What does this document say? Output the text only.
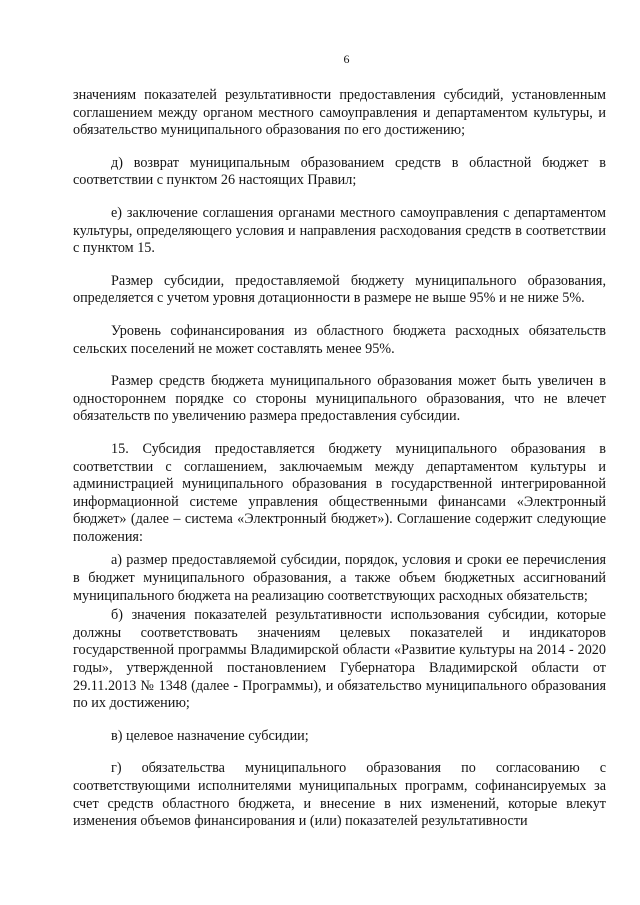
6

значениям показателей результативности предоставления субсидий, установленным соглашением между органом местного самоуправления и департаментом культуры, и обязательство муниципального образования по его достижению;

д) возврат муниципальным образованием средств в областной бюджет в соответствии с пунктом 26 настоящих Правил;

е) заключение соглашения органами местного самоуправления с департаментом культуры, определяющего условия и направления расходования средств в соответствии с пунктом 15.

Размер субсидии, предоставляемой бюджету муниципального образования, определяется с учетом уровня дотационности в размере не выше 95% и не ниже 5%.

Уровень софинансирования из областного бюджета расходных обязательств сельских поселений не может составлять менее 95%.

Размер средств бюджета муниципального образования может быть увеличен в одностороннем порядке со стороны муниципального образования, что не влечет обязательств по увеличению размера предоставления субсидии.

15. Субсидия предоставляется бюджету муниципального образования в соответствии с соглашением, заключаемым между департаментом культуры и администрацией муниципального образования в государственной интегрированной информационной системе управления общественными финансами «Электронный бюджет» (далее – система «Электронный бюджет»). Соглашение содержит следующие положения:

а) размер предоставляемой субсидии, порядок, условия и сроки ее перечисления в бюджет муниципального образования, а также объем бюджетных ассигнований муниципального бюджета на реализацию соответствующих расходных обязательств;

б) значения показателей результативности использования субсидии, которые должны соответствовать значениям целевых показателей и индикаторов государственной программы Владимирской области «Развитие культуры на 2014 - 2020 годы», утвержденной постановлением Губернатора Владимирской области от 29.11.2013 № 1348 (далее - Программы), и обязательство муниципального образования по их достижению;

в) целевое назначение субсидии;

г) обязательства муниципального образования по согласованию с соответствующими исполнителями муниципальных программ, софинансируемых за счет средств областного бюджета, и внесение в них изменений, которые влекут изменения объемов финансирования и (или) показателей результативности
